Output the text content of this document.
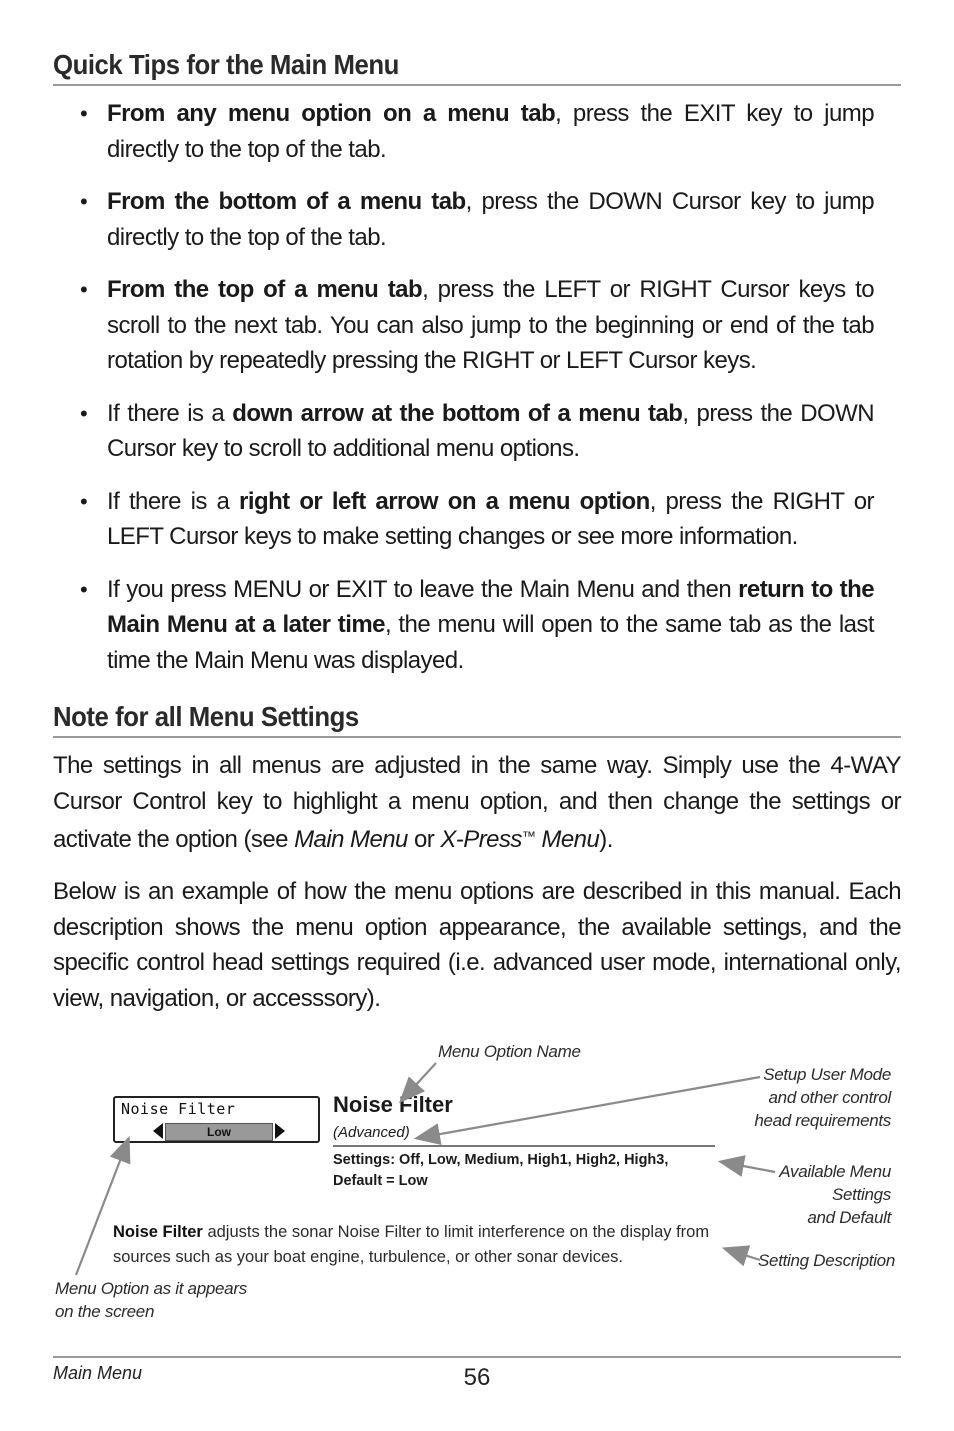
Quick Tips for the Main Menu
• From any menu option on a menu tab, press the EXIT key to jump directly to the top of the tab.
• From the bottom of a menu tab, press the DOWN Cursor key to jump directly to the top of the tab.
• From the top of a menu tab, press the LEFT or RIGHT Cursor keys to scroll to the next tab. You can also jump to the beginning or end of the tab rotation by repeatedly pressing the RIGHT or LEFT Cursor keys.
• If there is a down arrow at the bottom of a menu tab, press the DOWN Cursor key to scroll to additional menu options.
• If there is a right or left arrow on a menu option, press the RIGHT or LEFT Cursor keys to make setting changes or see more information.
• If you press MENU or EXIT to leave the Main Menu and then return to the Main Menu at a later time, the menu will open to the same tab as the last time the Main Menu was displayed.
Note for all Menu Settings

The settings in all menus are adjusted in the same way. Simply use the 4-WAY Cursor Control key to highlight a menu option, and then change the settings or activate the option (see Main Menu or X-Press™ Menu).

Below is an example of how the menu options are described in this manual. Each description shows the menu option appearance, the available settings, and the specific control head settings required (i.e. advanced user mode, international only, view, navigation, or accesssory).

Menu Option Name
Setup User Mode
and other control
head requirements
Available Menu
Settings
and Default
Setting Description
Menu Option as it appears
on the screen
Noise Filter
Low
Noise Filter
(Advanced)
Settings: Off, Low, Medium, High1, High2, High3,
Default = Low
Noise Filter adjusts the sonar Noise Filter to limit interference on the display from sources such as your boat engine, turbulence, or other sonar devices.
Main Menu	56
